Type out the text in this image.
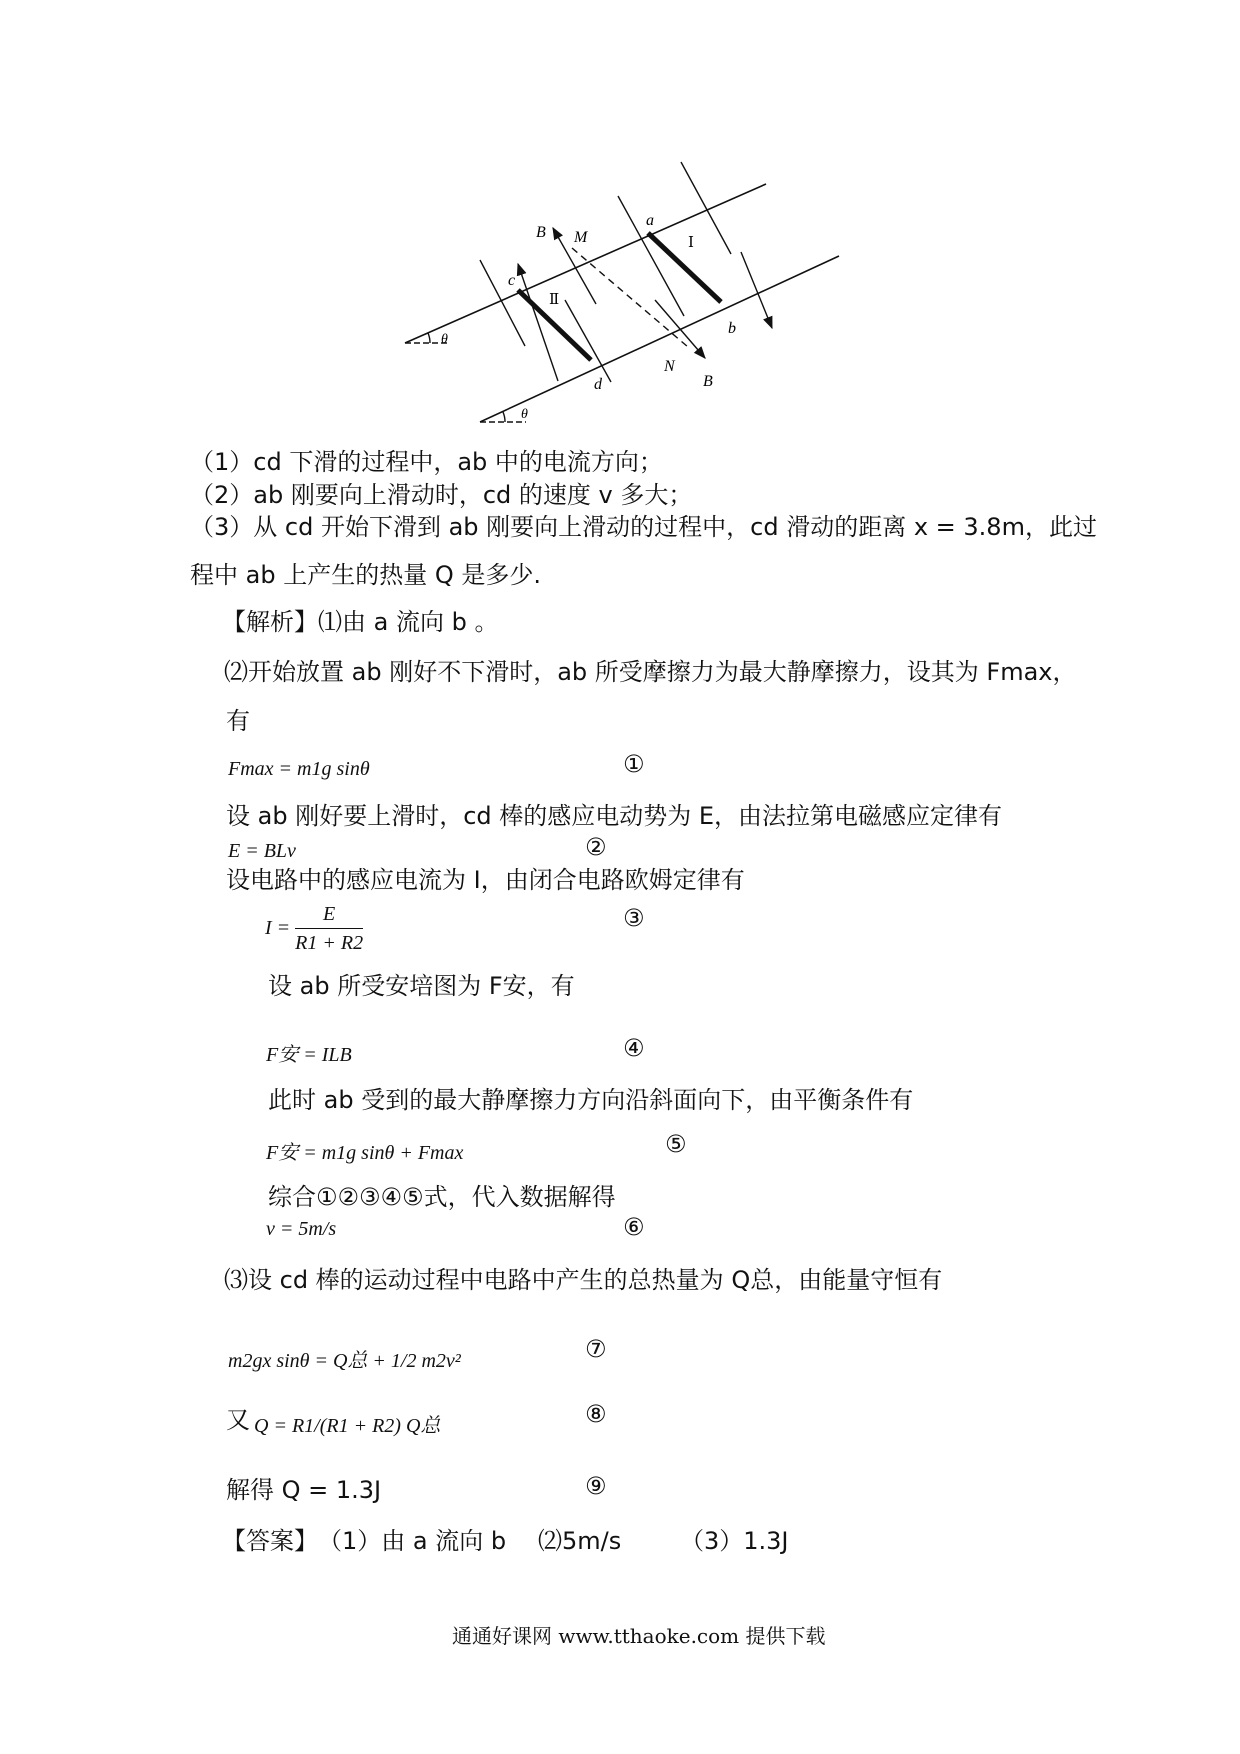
B M
a
Ⅰ
c
Ⅱ
b
N
B
d
θ
θ
（1）cd 下滑的过程中，ab 中的电流方向；
（2）ab 刚要向上滑动时，cd 的速度 v 多大；
（3）从 cd 开始下滑到 ab 刚要向上滑动的过程中，cd 滑动的距离 x = 3.8m，此过
程中 ab 上产生的热量 Q 是多少.
【解析】⑴由 a 流向 b 。
⑵开始放置 ab 刚好不下滑时，ab 所受摩擦力为最大静摩擦力，设其为 Fmax，
有
Fmax = m1g sinθ	①
设 ab 刚好要上滑时，cd 棒的感应电动势为 E，由法拉第电磁感应定律有
E = BLv	②
设电路中的感应电流为 I，由闭合电路欧姆定律有
$I = \frac{E}{R1 + R2}$	③
设 ab 所受安培图为 F安，有
F安 = ILB	④
此时 ab 受到的最大静摩擦力方向沿斜面向下，由平衡条件有
F安 = m1g sinθ + Fmax	⑤
综合①②③④⑤式，代入数据解得
v = 5m/s	⑥
⑶设 cd 棒的运动过程中电路中产生的总热量为 Q总，由能量守恒有
m2gx sinθ = Q总 + 1/2 m2v²	⑦
又 Q = R1/(R1 + R2) Q总	⑧
解得 Q = 1.3J	⑨
【答案】 （1）由 a 流向 b ⑵5m/s （3）1.3J
通通好课网 www.tthaoke.com 提供下载
